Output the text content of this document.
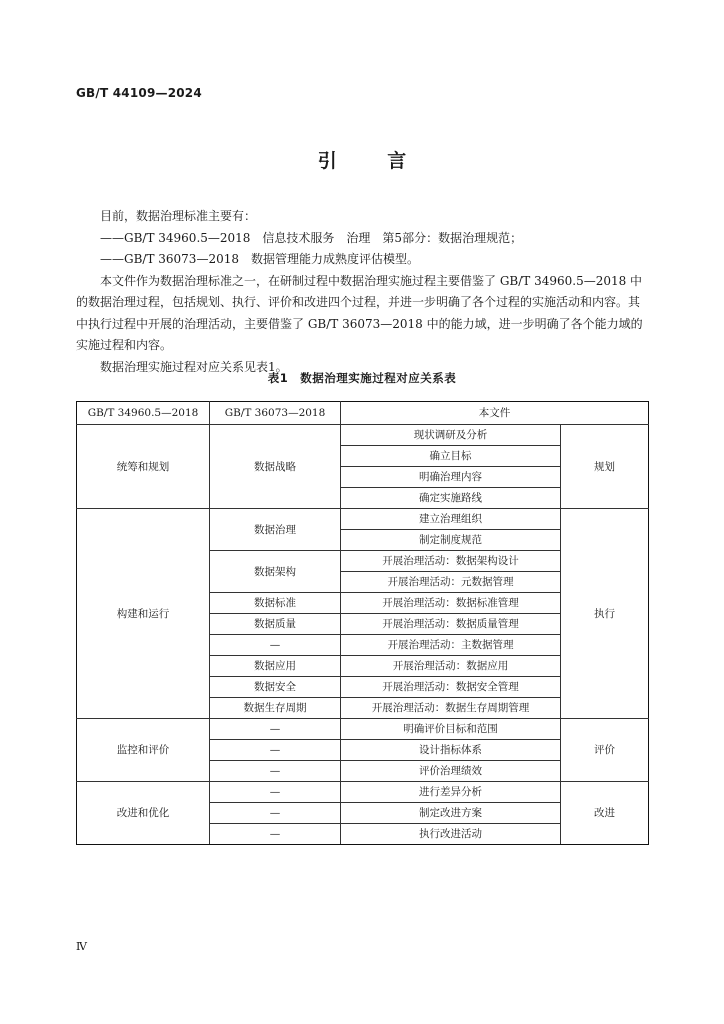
GB/T 44109—2024
引 言

目前，数据治理标准主要有：

——GB/T 34960.5—2018　信息技术服务　治理　第5部分：数据治理规范；

——GB/T 36073—2018　数据管理能力成熟度评估模型。

本文件作为数据治理标准之一，在研制过程中数据治理实施过程主要借鉴了 GB/T 34960.5—2018 中的数据治理过程，包括规划、执行、评价和改进四个过程，并进一步明确了各个过程的实施活动和内容。其中执行过程中开展的治理活动，主要借鉴了 GB/T 36073—2018 中的能力域，进一步明确了各个能力域的实施过程和内容。

数据治理实施过程对应关系见表1。

表1　数据治理实施过程对应关系表
GB/T 34960.5—2018	GB/T 36073—2018	本文件	
统筹和规划	数据战略	现状调研及分析	规划
		确立目标	
		明确治理内容	
		确定实施路线	
构建和运行	数据治理	建立治理组织	执行
		制定制度规范	
	数据架构	开展治理活动：数据架构设计	
		开展治理活动：元数据管理	
	数据标准	开展治理活动：数据标准管理	
	数据质量	开展治理活动：数据质量管理	
	—	开展治理活动：主数据管理	
	数据应用	开展治理活动：数据应用	
	数据安全	开展治理活动：数据安全管理	
	数据生存周期	开展治理活动：数据生存周期管理	
监控和评价	—	明确评价目标和范围	评价
	—	设计指标体系	
	—	评价治理绩效	
改进和优化	—	进行差异分析	改进
	—	制定改进方案	
	—	执行改进活动	
Ⅳ
